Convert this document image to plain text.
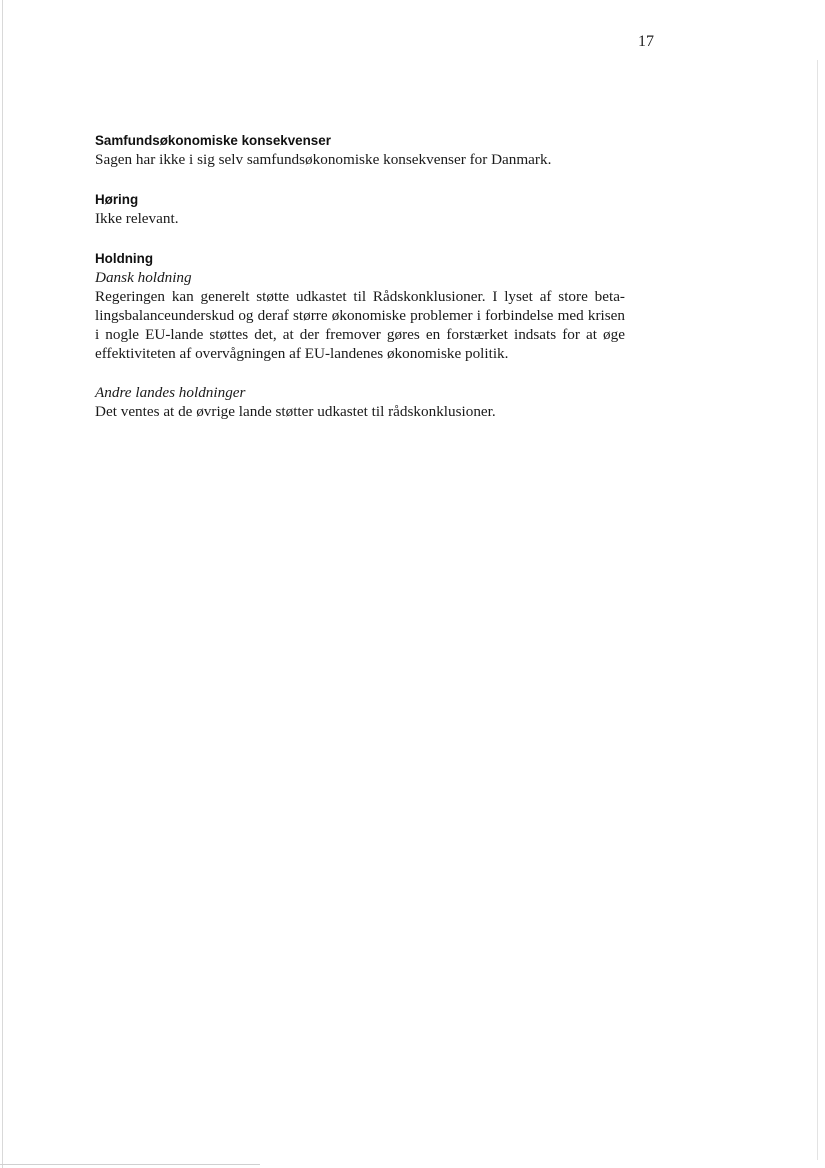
17
Samfundsøkonomiske konsekvenser

Sagen har ikke i sig selv samfundsøkonomiske konsekvenser for Danmark.

Høring

Ikke relevant.

Holdning

Dansk holdning

Regeringen kan generelt støtte udkastet til Rådskonklusioner. I lyset af store beta-lingsbalanceunderskud og deraf større økonomiske problemer i forbindelse med krisen i nogle EU-lande støttes det, at der fremover gøres en forstærket indsats for at øge effektiviteten af overvågningen af EU-landenes økonomiske politik.

Andre landes holdninger

Det ventes at de øvrige lande støtter udkastet til rådskonklusioner.
